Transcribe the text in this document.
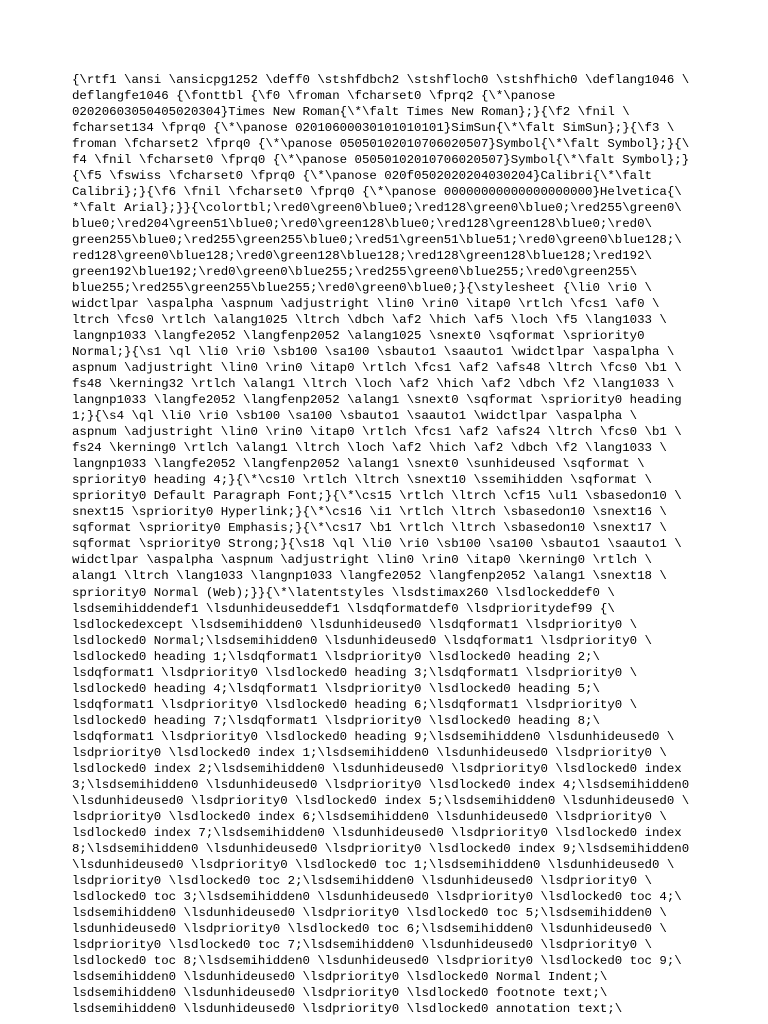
{\rtf1 \ansi \ansicpg1252 \deff0 \stshfdbch2 \stshfloch0 \stshfhich0 \deflang1046 \
deflangfe1046 {\fonttbl {\f0 \froman \fcharset0 \fprq2 {\*\panose
02020603050405020304}Times New Roman{\*\falt Times New Roman};}{\f2 \fnil \
fcharset134 \fprq0 {\*\panose 02010600030101010101}SimSun{\*\falt SimSun};}{\f3 \
froman \fcharset2 \fprq0 {\*\panose 05050102010706020507}Symbol{\*\falt Symbol};}{\
f4 \fnil \fcharset0 \fprq0 {\*\panose 05050102010706020507}Symbol{\*\falt Symbol};}
{\f5 \fswiss \fcharset0 \fprq0 {\*\panose 020f0502020204030204}Calibri{\*\falt
Calibri};}{\f6 \fnil \fcharset0 \fprq0 {\*\panose 00000000000000000000}Helvetica{\
*\falt Arial};}}{\colortbl;\red0\green0\blue0;\red128\green0\blue0;\red255\green0\
blue0;\red204\green51\blue0;\red0\green128\blue0;\red128\green128\blue0;\red0\
green255\blue0;\red255\green255\blue0;\red51\green51\blue51;\red0\green0\blue128;\
red128\green0\blue128;\red0\green128\blue128;\red128\green128\blue128;\red192\
green192\blue192;\red0\green0\blue255;\red255\green0\blue255;\red0\green255\
blue255;\red255\green255\blue255;\red0\green0\blue0;}{\stylesheet {\li0 \ri0 \
widctlpar \aspalpha \aspnum \adjustright \lin0 \rin0 \itap0 \rtlch \fcs1 \af0 \
ltrch \fcs0 \rtlch \alang1025 \ltrch \dbch \af2 \hich \af5 \loch \f5 \lang1033 \
langnp1033 \langfe2052 \langfenp2052 \alang1025 \snext0 \sqformat \spriority0
Normal;}{\s1 \ql \li0 \ri0 \sb100 \sa100 \sbauto1 \saauto1 \widctlpar \aspalpha \
aspnum \adjustright \lin0 \rin0 \itap0 \rtlch \fcs1 \af2 \afs48 \ltrch \fcs0 \b1 \
fs48 \kerning32 \rtlch \alang1 \ltrch \loch \af2 \hich \af2 \dbch \f2 \lang1033 \
langnp1033 \langfe2052 \langfenp2052 \alang1 \snext0 \sqformat \spriority0 heading
1;}{\s4 \ql \li0 \ri0 \sb100 \sa100 \sbauto1 \saauto1 \widctlpar \aspalpha \
aspnum \adjustright \lin0 \rin0 \itap0 \rtlch \fcs1 \af2 \afs24 \ltrch \fcs0 \b1 \
fs24 \kerning0 \rtlch \alang1 \ltrch \loch \af2 \hich \af2 \dbch \f2 \lang1033 \
langnp1033 \langfe2052 \langfenp2052 \alang1 \snext0 \sunhideused \sqformat \
spriority0 heading 4;}{\*\cs10 \rtlch \ltrch \snext10 \ssemihidden \sqformat \
spriority0 Default Paragraph Font;}{\*\cs15 \rtlch \ltrch \cf15 \ul1 \sbasedon10 \
snext15 \spriority0 Hyperlink;}{\*\cs16 \i1 \rtlch \ltrch \sbasedon10 \snext16 \
sqformat \spriority0 Emphasis;}{\*\cs17 \b1 \rtlch \ltrch \sbasedon10 \snext17 \
sqformat \spriority0 Strong;}{\s18 \ql \li0 \ri0 \sb100 \sa100 \sbauto1 \saauto1 \
widctlpar \aspalpha \aspnum \adjustright \lin0 \rin0 \itap0 \kerning0 \rtlch \
alang1 \ltrch \lang1033 \langnp1033 \langfe2052 \langfenp2052 \alang1 \snext18 \
spriority0 Normal (Web);}}{\*\latentstyles \lsdstimax260 \lsdlockeddef0 \
lsdsemihiddendef1 \lsdunhideuseddef1 \lsdqformatdef0 \lsdprioritydef99 {\
lsdlockedexcept \lsdsemihidden0 \lsdunhideused0 \lsdqformat1 \lsdpriority0 \
lsdlocked0 Normal;\lsdsemihidden0 \lsdunhideused0 \lsdqformat1 \lsdpriority0 \
lsdlocked0 heading 1;\lsdqformat1 \lsdpriority0 \lsdlocked0 heading 2;\
lsdqformat1 \lsdpriority0 \lsdlocked0 heading 3;\lsdqformat1 \lsdpriority0 \
lsdlocked0 heading 4;\lsdqformat1 \lsdpriority0 \lsdlocked0 heading 5;\
lsdqformat1 \lsdpriority0 \lsdlocked0 heading 6;\lsdqformat1 \lsdpriority0 \
lsdlocked0 heading 7;\lsdqformat1 \lsdpriority0 \lsdlocked0 heading 8;\
lsdqformat1 \lsdpriority0 \lsdlocked0 heading 9;\lsdsemihidden0 \lsdunhideused0 \
lsdpriority0 \lsdlocked0 index 1;\lsdsemihidden0 \lsdunhideused0 \lsdpriority0 \
lsdlocked0 index 2;\lsdsemihidden0 \lsdunhideused0 \lsdpriority0 \lsdlocked0 index
3;\lsdsemihidden0 \lsdunhideused0 \lsdpriority0 \lsdlocked0 index 4;\lsdsemihidden0
\lsdunhideused0 \lsdpriority0 \lsdlocked0 index 5;\lsdsemihidden0 \lsdunhideused0 \
lsdpriority0 \lsdlocked0 index 6;\lsdsemihidden0 \lsdunhideused0 \lsdpriority0 \
lsdlocked0 index 7;\lsdsemihidden0 \lsdunhideused0 \lsdpriority0 \lsdlocked0 index
8;\lsdsemihidden0 \lsdunhideused0 \lsdpriority0 \lsdlocked0 index 9;\lsdsemihidden0
\lsdunhideused0 \lsdpriority0 \lsdlocked0 toc 1;\lsdsemihidden0 \lsdunhideused0 \
lsdpriority0 \lsdlocked0 toc 2;\lsdsemihidden0 \lsdunhideused0 \lsdpriority0 \
lsdlocked0 toc 3;\lsdsemihidden0 \lsdunhideused0 \lsdpriority0 \lsdlocked0 toc 4;\
lsdsemihidden0 \lsdunhideused0 \lsdpriority0 \lsdlocked0 toc 5;\lsdsemihidden0 \
lsdunhideused0 \lsdpriority0 \lsdlocked0 toc 6;\lsdsemihidden0 \lsdunhideused0 \
lsdpriority0 \lsdlocked0 toc 7;\lsdsemihidden0 \lsdunhideused0 \lsdpriority0 \
lsdlocked0 toc 8;\lsdsemihidden0 \lsdunhideused0 \lsdpriority0 \lsdlocked0 toc 9;\
lsdsemihidden0 \lsdunhideused0 \lsdpriority0 \lsdlocked0 Normal Indent;\
lsdsemihidden0 \lsdunhideused0 \lsdpriority0 \lsdlocked0 footnote text;\
lsdsemihidden0 \lsdunhideused0 \lsdpriority0 \lsdlocked0 annotation text;\
